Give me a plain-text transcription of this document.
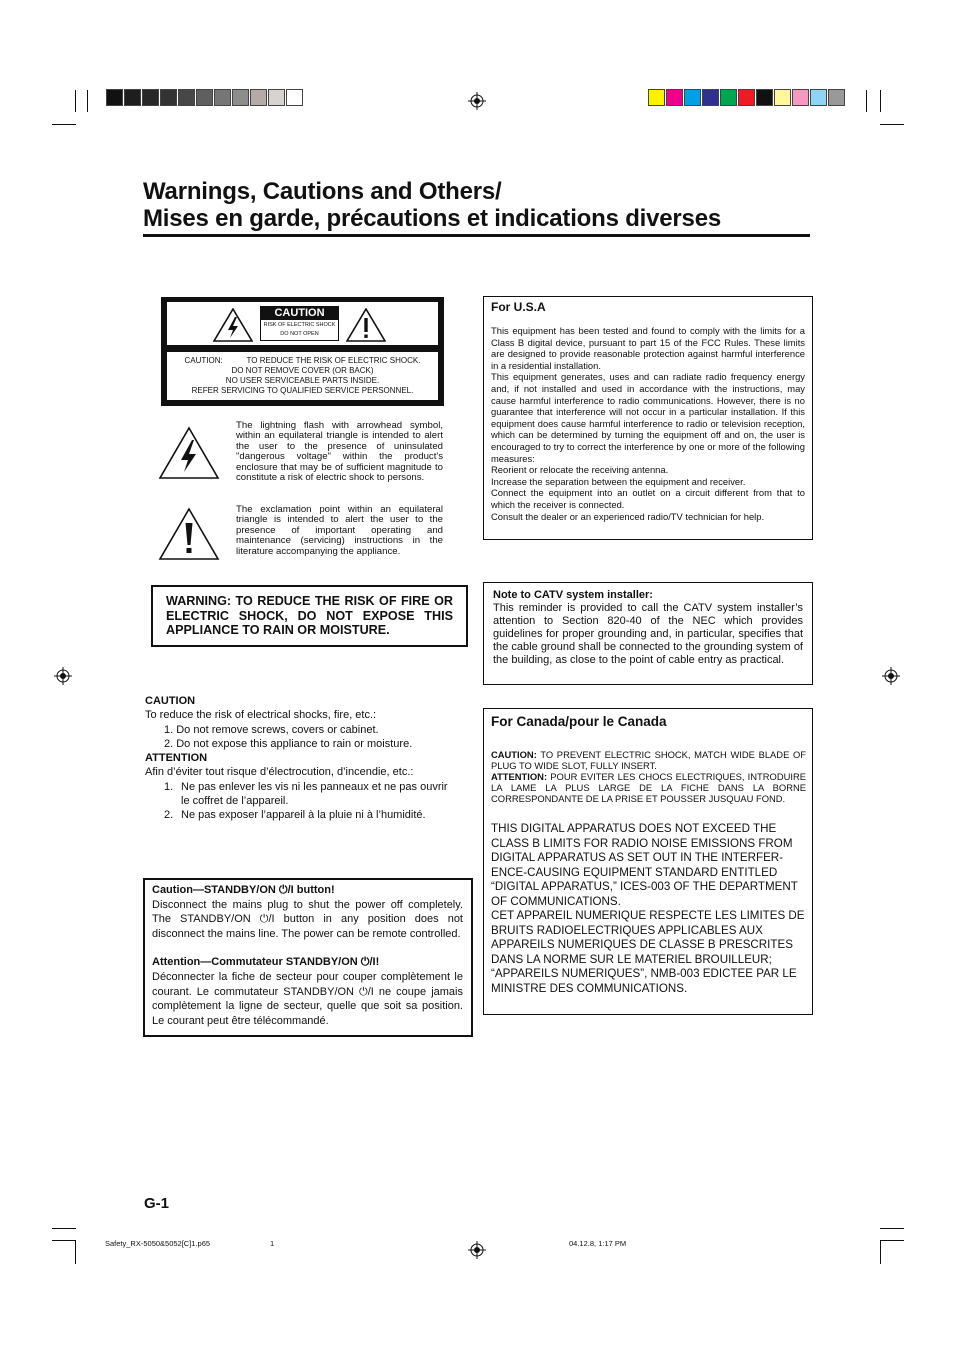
Warnings, Cautions and Others/
Mises en garde, précautions et indications diverses
CAUTION
RISK OF ELECTRIC SHOCK
DO NOT OPEN
CAUTION:	TO REDUCE THE RISK OF ELECTRIC SHOCK.
DO NOT REMOVE COVER (OR BACK)
NO USER SERVICEABLE PARTS INSIDE.
REFER SERVICING TO QUALIFIED SERVICE PERSONNEL.
The lightning flash with arrowhead symbol, within an equilateral triangle is intended to alert the user to the presence of uninsulated "dangerous voltage" within the product's enclosure that may be of sufficient magnitude to constitute a risk of electric shock to persons.
The exclamation point within an equilateral triangle is intended to alert the user to the presence of important operating and maintenance (servicing) instructions in the literature accompanying the appliance.
WARNING: TO REDUCE THE RISK OF FIRE OR ELECTRIC SHOCK, DO NOT EXPOSE THIS APPLIANCE TO RAIN OR MOISTURE.
CAUTION
To reduce the risk of electrical shocks, fire, etc.:
1. Do not remove screws, covers or cabinet.
2. Do not expose this appliance to rain or moisture.
ATTENTION
Afin d’éviter tout risque d’électrocution, d’incendie, etc.:
1. Ne pas enlever les vis ni les panneaux et ne pas ouvrir le coffret de l’appareil.
2. Ne pas exposer l’appareil à la pluie ni à l’humidité.
Caution—STANDBY/ON ⏻/I button!
Disconnect the mains plug to shut the power off completely. The STANDBY/ON ⏻/I button in any position does not disconnect the mains line. The power can be remote controlled.
Attention—Commutateur STANDBY/ON ⏻/I!
Déconnecter la fiche de secteur pour couper complètement le courant. Le commutateur STANDBY/ON ⏻/I ne coupe jamais complètement la ligne de secteur, quelle que soit sa position. Le courant peut être télécommandé.
For U.S.A
This equipment has been tested and found to comply with the limits for a Class B digital device, pursuant to part 15 of the FCC Rules. These limits are designed to provide reasonable protection against harmful interference in a residential installation.
This equipment generates, uses and can radiate radio frequency energy and, if not installed and used in accordance with the instructions, may cause harmful interference to radio communications. However, there is no guarantee that interference will not occur in a particular installation. If this equipment does cause harmful interference to radio or television reception, which can be determined by turning the equipment off and on, the user is encouraged to try to correct the interference by one or more of the following measures:
Reorient or relocate the receiving antenna.
Increase the separation between the equipment and receiver.
Connect the equipment into an outlet on a circuit different from that to which the receiver is connected.
Consult the dealer or an experienced radio/TV technician for help.
Note to CATV system installer:
This reminder is provided to call the CATV system installer’s attention to Section 820-40 of the NEC which provides guidelines for proper grounding and, in particular, specifies that the cable ground shall be connected to the grounding system of the building, as close to the point of cable entry as practical.
For Canada/pour le Canada
CAUTION: TO PREVENT ELECTRIC SHOCK, MATCH WIDE BLADE OF PLUG TO WIDE SLOT, FULLY INSERT.
ATTENTION: POUR EVITER LES CHOCS ELECTRIQUES, INTRODUIRE LA LAME LA PLUS LARGE DE LA FICHE DANS LA BORNE CORRESPONDANTE DE LA PRISE ET POUSSER JUSQUAU FOND.
THIS DIGITAL APPARATUS DOES NOT EXCEED THE CLASS B LIMITS FOR RADIO NOISE EMISSIONS FROM DIGITAL APPARATUS AS SET OUT IN THE INTERFER-ENCE-CAUSING EQUIPMENT STANDARD ENTITLED “DIGITAL APPARATUS,” ICES-003 OF THE DEPARTMENT OF COMMUNICATIONS.
CET APPAREIL NUMERIQUE RESPECTE LES LIMITES DE BRUITS RADIOELECTRIQUES APPLICABLES AUX APPAREILS NUMERIQUES DE CLASSE B PRESCRITES DANS LA NORME SUR LE MATERIEL BROUILLEUR; “APPAREILS NUMERIQUES”, NMB-003 EDICTEE PAR LE MINISTRE DES COMMUNICATIONS.
G-1
Safety_RX-5050&5052[C]1.p65	1	04.12.8, 1:17 PM
